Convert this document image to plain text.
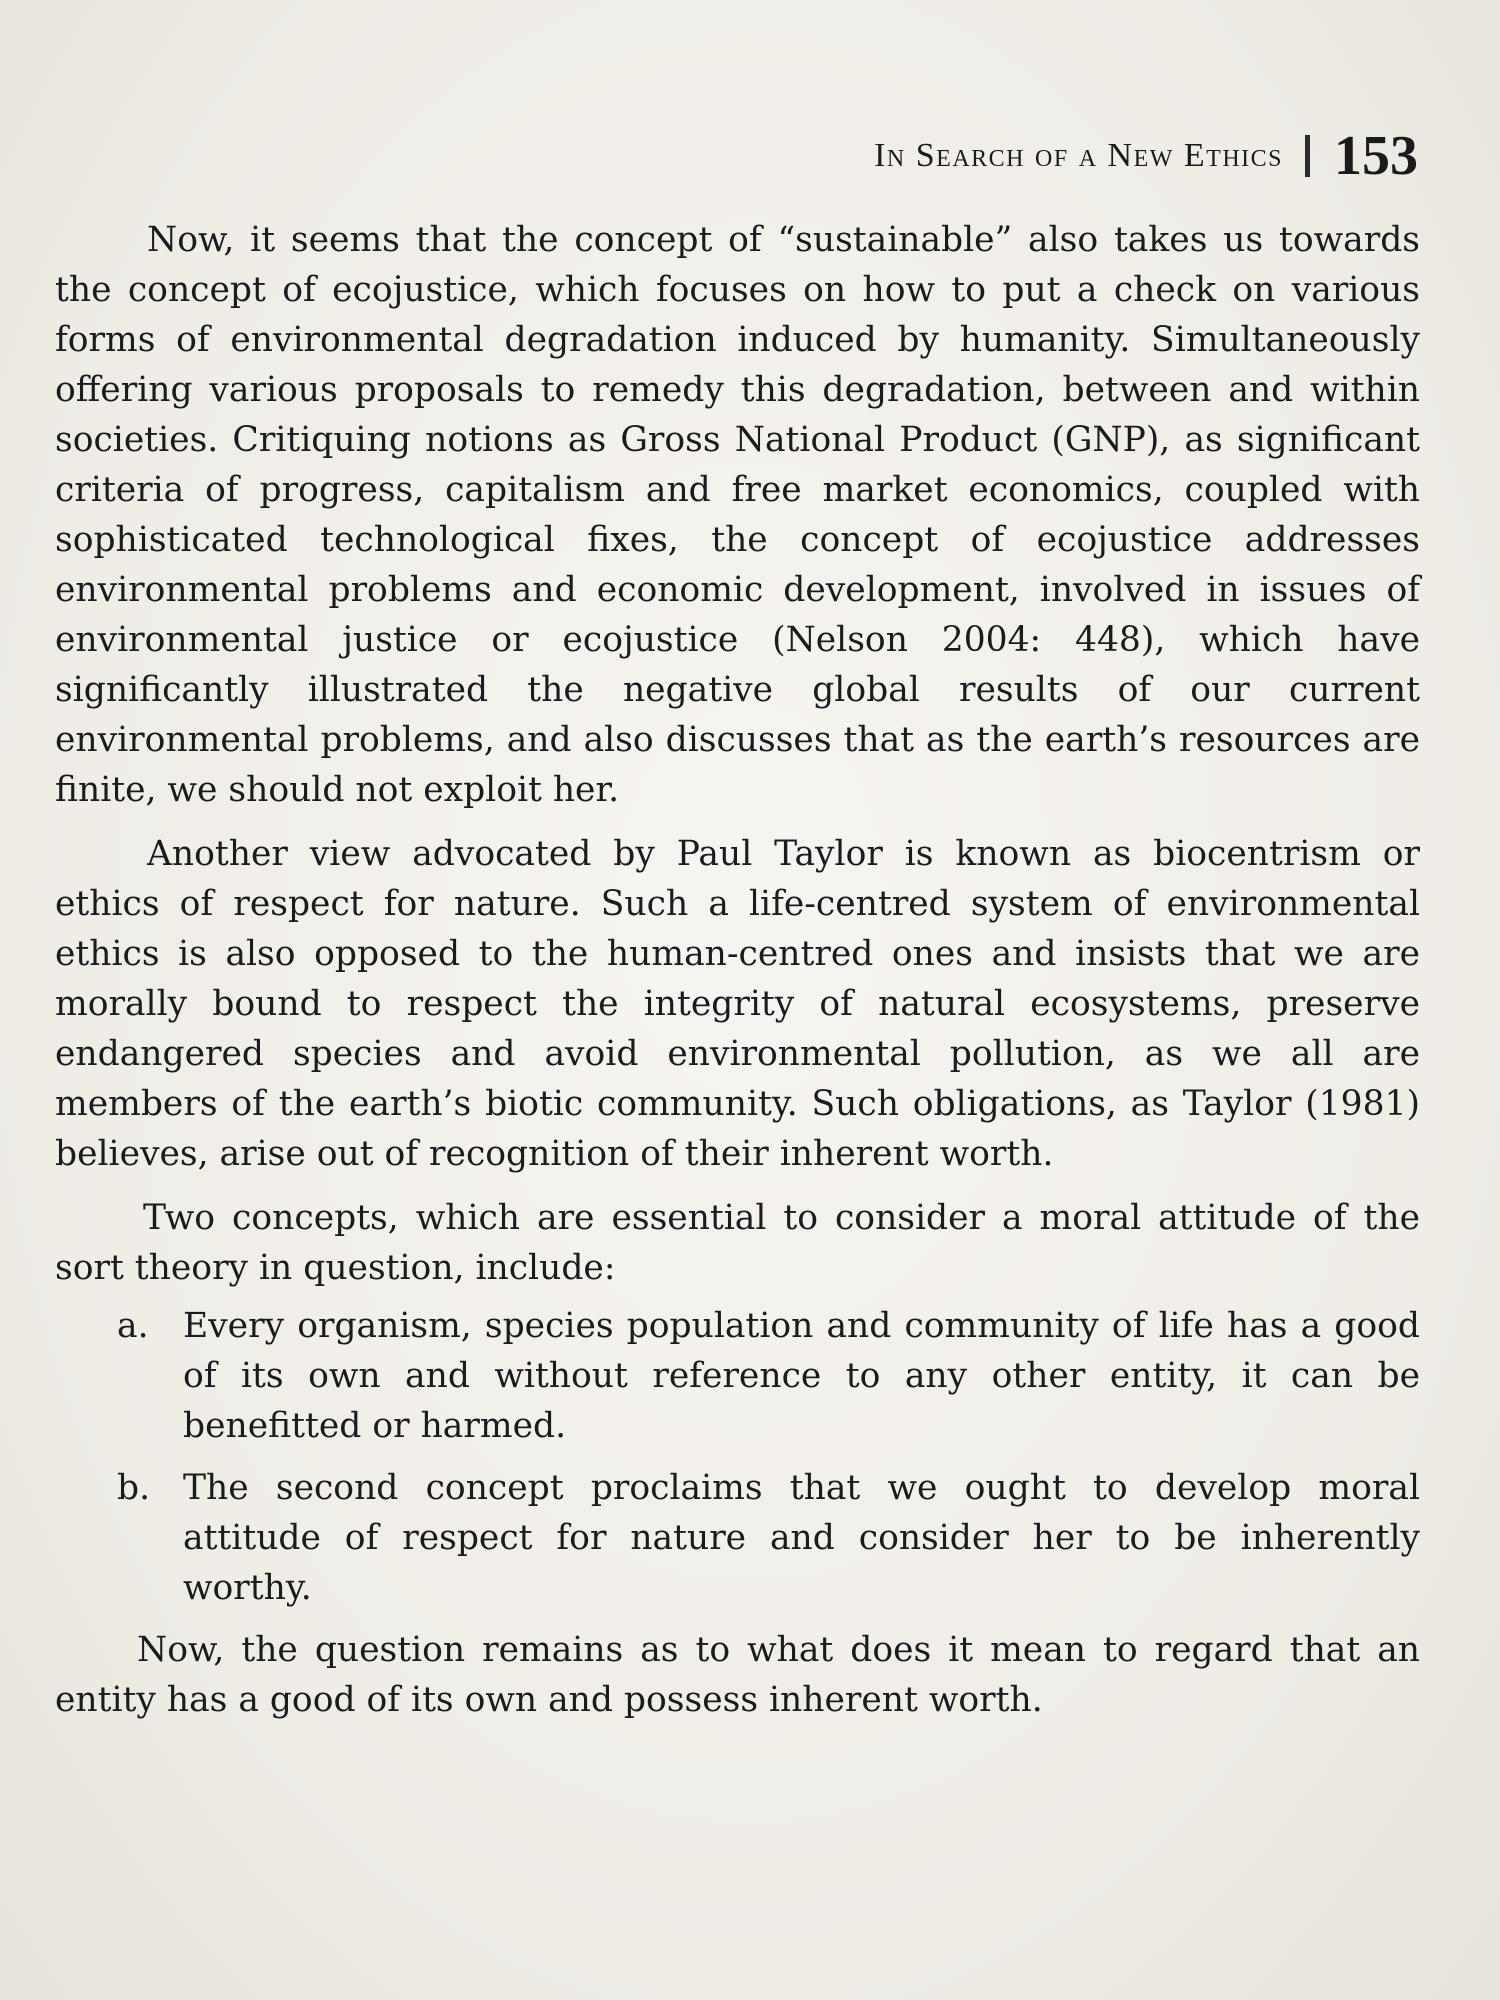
In Search of a New Ethics 153

Now, it seems that the concept of “sustainable” also takes us towards the concept of ecojustice, which focuses on how to put a check on various forms of environmental degradation induced by humanity. Simultaneously offering various proposals to remedy this degradation, between and within societies. Critiquing notions as Gross National Product (GNP), as significant criteria of progress, capitalism and free market economics, coupled with sophisticated technological fixes, the concept of ecojustice addresses environmental problems and economic development, involved in issues of environmental justice or ecojustice (Nelson 2004: 448), which have significantly illustrated the negative global results of our current environmental problems, and also discusses that as the earth’s resources are finite, we should not exploit her.

Another view advocated by Paul Taylor is known as biocentrism or ethics of respect for nature. Such a life-centred system of environmental ethics is also opposed to the human-centred ones and insists that we are morally bound to respect the integrity of natural ecosystems, preserve endangered species and avoid environmental pollution, as we all are members of the earth’s biotic community. Such obligations, as Taylor (1981) believes, arise out of recognition of their inherent worth.

Two concepts, which are essential to consider a moral attitude of the sort theory in question, include:

a. Every organism, species population and community of life has a good of its own and without reference to any other entity, it can be benefitted or harmed.
b. The second concept proclaims that we ought to develop moral attitude of respect for nature and consider her to be inherently worthy.

Now, the question remains as to what does it mean to regard that an entity has a good of its own and possess inherent worth.
